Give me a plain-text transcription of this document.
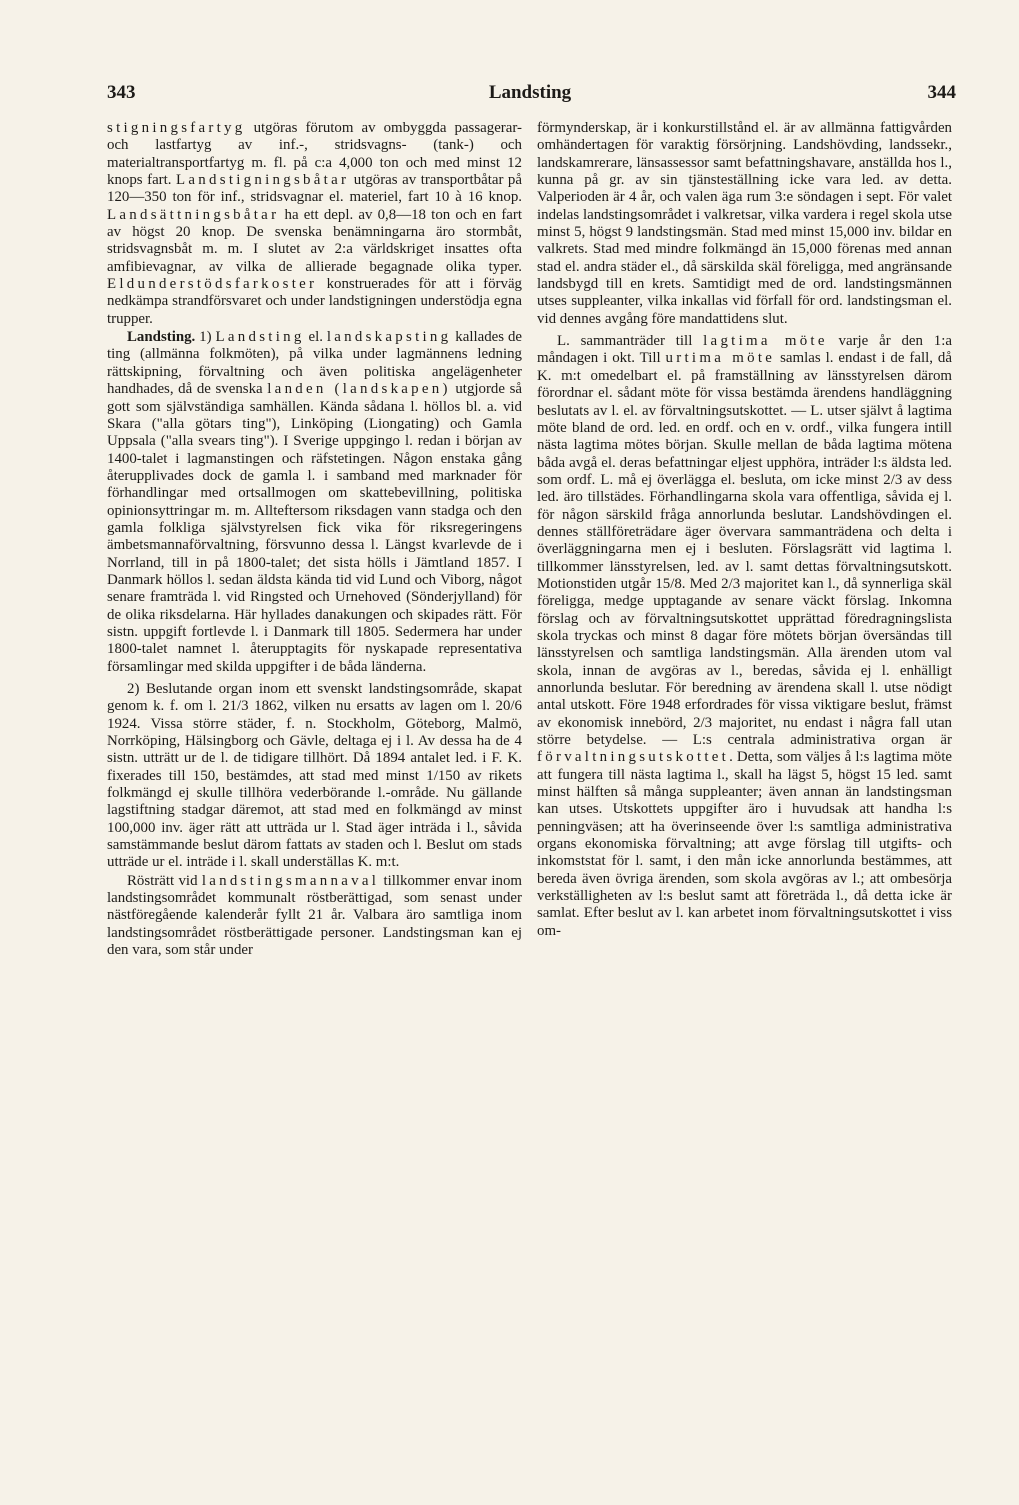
343	Landsting	344

stigningsfartyg utgöras förutom av ombyggda passagerar- och lastfartyg av inf.-, stridsvagns- (tank-) och materialtransportfartyg m. fl. på c:a 4,000 ton och med minst 12 knops fart. Landstigningsbåtar utgöras av transportbåtar på 120—350 ton för inf., stridsvagnar el. materiel, fart 10 à 16 knop. Landsättningsbåtar ha ett depl. av 0,8—18 ton och en fart av högst 20 knop. De svenska benämningarna äro stormbåt, stridsvagnsbåt m. m. I slutet av 2:a världskriget insattes ofta amfibievagnar, av vilka de allierade begagnade olika typer. Eldunderstödsfarkoster konstruerades för att i förväg nedkämpa strandförsvaret och under landstigningen understödja egna trupper.

Landsting. 1) Landsting el. landskapsting kallades de ting (allmänna folkmöten), på vilka under lagmännens ledning rättskipning, förvaltning och även politiska angelägenheter handhades, då de svenska landen (landskapen) utgjorde så gott som självständiga samhällen. Kända sådana l. höllos bl. a. vid Skara ("alla götars ting"), Linköping (Liongating) och Gamla Uppsala ("alla svears ting"). I Sverige uppgingo l. redan i början av 1400-talet i lagmanstingen och räfstetingen. Någon enstaka gång återupplivades dock de gamla l. i samband med marknader för förhandlingar med ortsallmogen om skattebevillning, politiska opinionsyttringar m. m. Allteftersom riksdagen vann stadga och den gamla folkliga självstyrelsen fick vika för riksregeringens ämbetsmannaförvaltning, försvunno dessa l. Längst kvarlevde de i Norrland, till in på 1800-talet; det sista hölls i Jämtland 1857. I Danmark höllos l. sedan äldsta kända tid vid Lund och Viborg, något senare framträda l. vid Ringsted och Urnehoved (Sönderjylland) för de olika riksdelarna. Här hyllades danakungen och skipades rätt. För sistn. uppgift fortlevde l. i Danmark till 1805. Sedermera har under 1800-talet namnet l. återupptagits för nyskapade representativa församlingar med skilda uppgifter i de båda länderna.

2) Beslutande organ inom ett svenskt landstingsområde, skapat genom k. f. om l. 21/3 1862, vilken nu ersatts av lagen om l. 20/6 1924. Vissa större städer, f. n. Stockholm, Göteborg, Malmö, Norrköping, Hälsingborg och Gävle, deltaga ej i l. Av dessa ha de 4 sistn. utträtt ur de l. de tidigare tillhört. Då 1894 antalet led. i F. K. fixerades till 150, bestämdes, att stad med minst 1/150 av rikets folkmängd ej skulle tillhöra vederbörande l.-område. Nu gällande lagstiftning stadgar däremot, att stad med en folkmängd av minst 100,000 inv. äger rätt att utträda ur l. Stad äger inträda i l., såvida samstämmande beslut därom fattats av staden och l. Beslut om stads utträde ur el. inträde i l. skall underställas K. m:t.

Rösträtt vid landstingsmannaval tillkommer envar inom landstingsområdet kommunalt röstberättigad, som senast under nästföregående kalenderår fyllt 21 år. Valbara äro samtliga inom landstingsområdet röstberättigade personer. Landstingsman kan ej den vara, som står under

förmynderskap, är i konkurstillstånd el. är av allmänna fattigvården omhändertagen för varaktig försörjning. Landshövding, landssekr., landskamrerare, länsassessor samt befattningshavare, anställda hos l., kunna på gr. av sin tjänsteställning icke vara led. av detta. Valperioden är 4 år, och valen äga rum 3:e söndagen i sept. För valet indelas landstingsområdet i valkretsar, vilka vardera i regel skola utse minst 5, högst 9 landstingsmän. Stad med minst 15,000 inv. bildar en valkrets. Stad med mindre folkmängd än 15,000 förenas med annan stad el. andra städer el., då särskilda skäl föreligga, med angränsande landsbygd till en krets. Samtidigt med de ord. landstingsmännen utses suppleanter, vilka inkallas vid förfall för ord. landstingsman el. vid dennes avgång före mandattidens slut.

L. sammanträder till lagtima möte varje år den 1:a måndagen i okt. Till urtima möte samlas l. endast i de fall, då K. m:t omedelbart el. på framställning av länsstyrelsen därom förordnar el. sådant möte för vissa bestämda ärendens handläggning beslutats av l. el. av förvaltningsutskottet. — L. utser självt å lagtima möte bland de ord. led. en ordf. och en v. ordf., vilka fungera intill nästa lagtima mötes början. Skulle mellan de båda lagtima mötena båda avgå el. deras befattningar eljest upphöra, inträder l:s äldsta led. som ordf. L. må ej överlägga el. besluta, om icke minst 2/3 av dess led. äro tillstädes. Förhandlingarna skola vara offentliga, såvida ej l. för någon särskild fråga annorlunda beslutar. Landshövdingen el. dennes ställföreträdare äger övervara sammanträdena och delta i överläggningarna men ej i besluten. Förslagsrätt vid lagtima l. tillkommer länsstyrelsen, led. av l. samt dettas förvaltningsutskott. Motionstiden utgår 15/8. Med 2/3 majoritet kan l., då synnerliga skäl föreligga, medge upptagande av senare väckt förslag. Inkomna förslag och av förvaltningsutskottet upprättad föredragningslista skola tryckas och minst 8 dagar före mötets början översändas till länsstyrelsen och samtliga landstingsmän. Alla ärenden utom val skola, innan de avgöras av l., beredas, såvida ej l. enhälligt annorlunda beslutar. För beredning av ärendena skall l. utse nödigt antal utskott. Före 1948 erfordrades för vissa viktigare beslut, främst av ekonomisk innebörd, 2/3 majoritet, nu endast i några fall utan större betydelse. — L:s centrala administrativa organ är förvaltningsutskottet. Detta, som väljes å l:s lagtima möte att fungera till nästa lagtima l., skall ha lägst 5, högst 15 led. samt minst hälften så många suppleanter; även annan än landstingsman kan utses. Utskottets uppgifter äro i huvudsak att handha l:s penningväsen; att ha överinseende över l:s samtliga administrativa organs ekonomiska förvaltning; att avge förslag till utgifts- och inkomststat för l. samt, i den mån icke annorlunda bestämmes, att bereda även övriga ärenden, som skola avgöras av l.; att ombesörja verkställigheten av l:s beslut samt att företräda l., då detta icke är samlat. Efter beslut av l. kan arbetet inom förvaltningsutskottet i viss om-
